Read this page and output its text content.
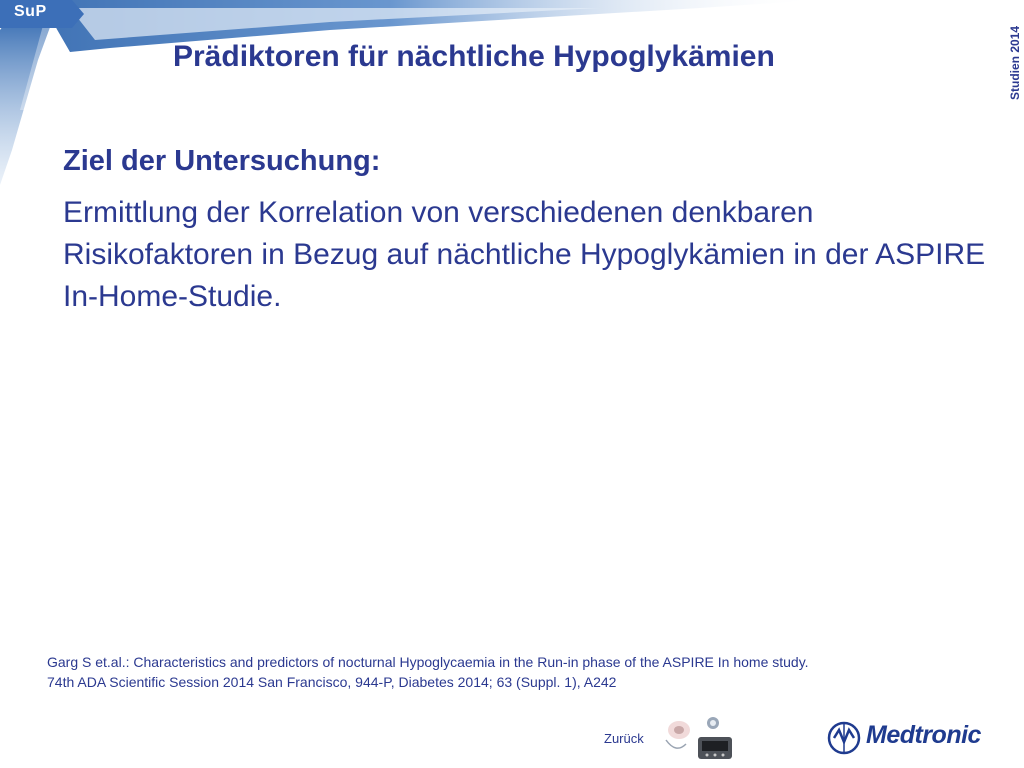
SuP
Prädiktoren für nächtliche Hypoglykämien	Studien 2014
Ziel der Untersuchung:

Ermittlung der Korrelation von verschiedenen denkbaren Risikofaktoren in Bezug auf nächtliche Hypoglykämien in der ASPIRE In-Home-Studie.

Garg S et.al.: Characteristics and predictors of nocturnal Hypoglycaemia in the Run-in phase of the ASPIRE In home study.
74th ADA Scientific Session 2014 San Francisco, 944-P, Diabetes 2014; 63 (Suppl. 1), A242

Zurück	Medtronic
